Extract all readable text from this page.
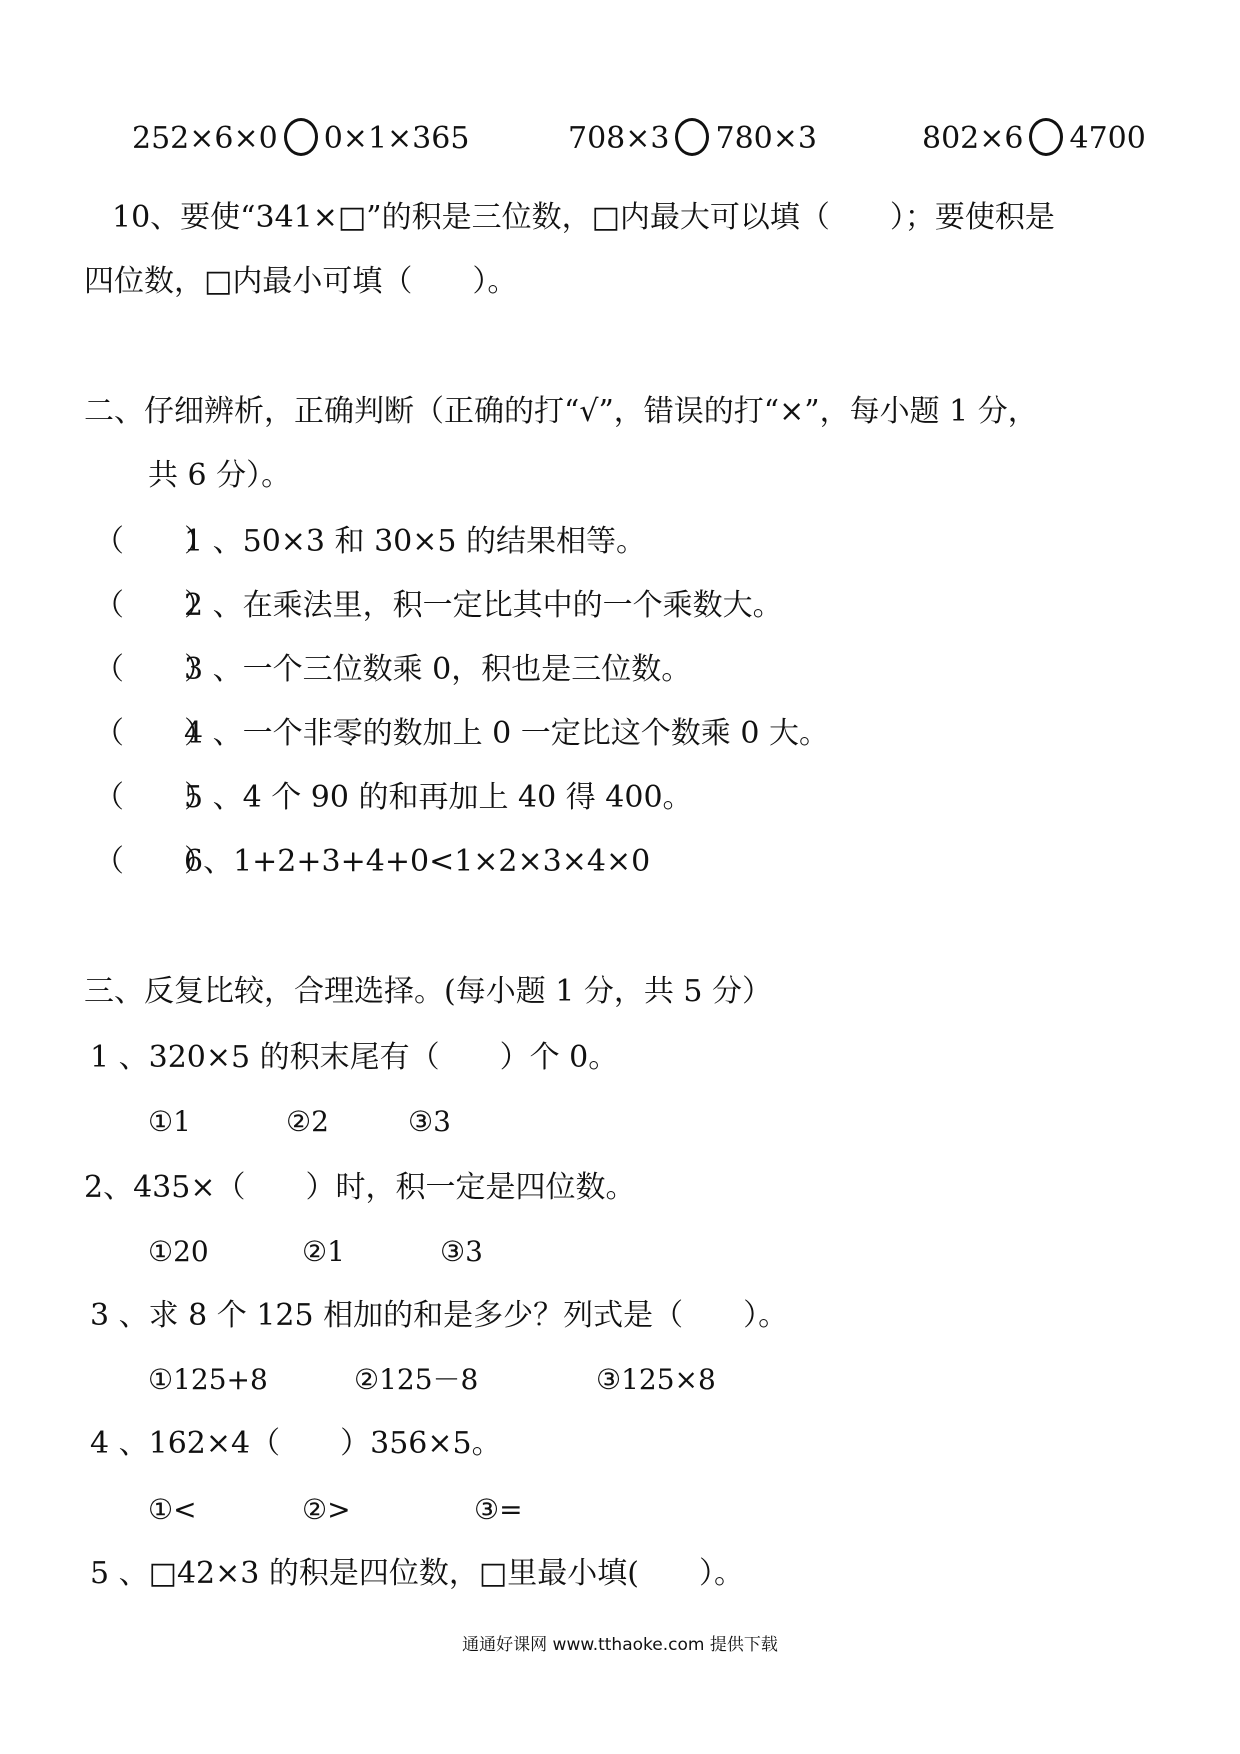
252×6×0 0×1×365	708×3 780×3	802×6 4700
10、要使“341×□”的积是三位数，□内最大可以填（　　）；要使积是
四位数，□内最小可填（　　）。
二、仔细辨析，正确判断（正确的打“√”，错误的打“×”，每小题 1 分，
共 6 分）。
（　　）1 、50×3 和 30×5 的结果相等。
（　　）2 、在乘法里，积一定比其中的一个乘数大。
（　　）3 、一个三位数乘 0，积也是三位数。
（　　）4 、一个非零的数加上 0 一定比这个数乘 0 大。
（　　）5 、4 个 90 的和再加上 40 得 400。
（　　）6、1+2+3+4+0<1×2×3×4×0
三、反复比较，合理选择。(每小题 1 分，共 5 分）
1 、320×5 的积末尾有（　　）个 0。
①1	②2	③3
2、435×（　　）时，积一定是四位数。
①20	②1	③3
3 、求 8 个 125 相加的和是多少？列式是（　　）。
①125+8	②125－8	③125×8
4 、162×4（　　）356×5。
①<	②>	③=
5 、□42×3 的积是四位数，□里最小填(　　）。
通通好课网 www.tthaoke.com 提供下载
